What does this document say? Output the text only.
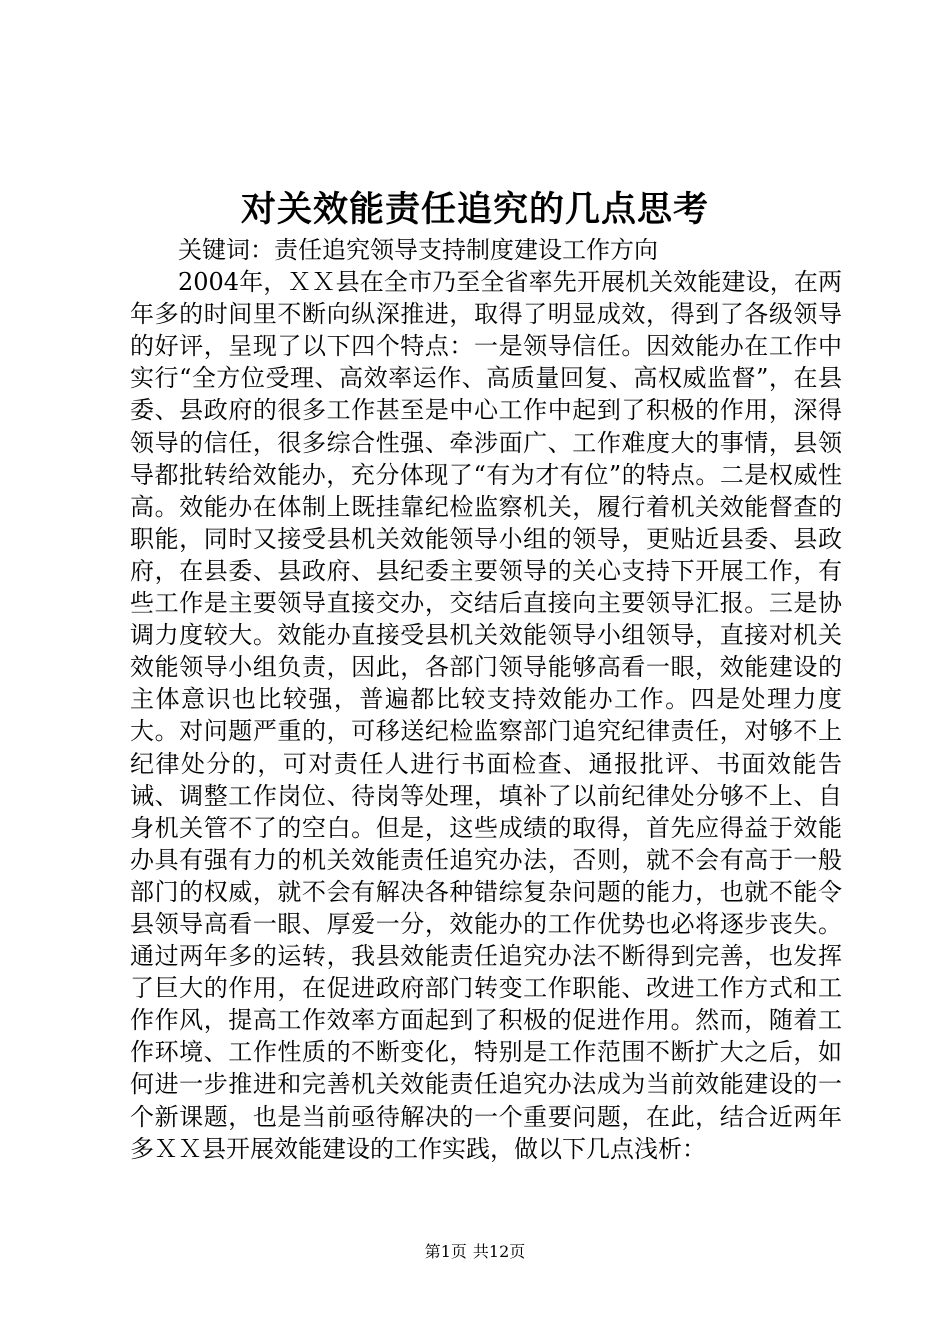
对关效能责任追究的几点思考

关键词：责任追究领导支持制度建设工作方向

2004年，ＸＸ县在全市乃至全省率先开展机关效能建设，在两年多的时间里不断向纵深推进，取得了明显成效，得到了各级领导的好评，呈现了以下四个特点：一是领导信任。因效能办在工作中实行“全方位受理、高效率运作、高质量回复、高权威监督”，在县委、县政府的很多工作甚至是中心工作中起到了积极的作用，深得领导的信任，很多综合性强、牵涉面广、工作难度大的事情，县领导都批转给效能办，充分体现了“有为才有位”的特点。二是权威性高。效能办在体制上既挂靠纪检监察机关，履行着机关效能督查的职能，同时又接受县机关效能领导小组的领导，更贴近县委、县政府，在县委、县政府、县纪委主要领导的关心支持下开展工作，有些工作是主要领导直接交办，交结后直接向主要领导汇报。三是协调力度较大。效能办直接受县机关效能领导小组领导，直接对机关效能领导小组负责，因此，各部门领导能够高看一眼，效能建设的主体意识也比较强，普遍都比较支持效能办工作。四是处理力度大。对问题严重的，可移送纪检监察部门追究纪律责任，对够不上纪律处分的，可对责任人进行书面检查、通报批评、书面效能告诫、调整工作岗位、待岗等处理，填补了以前纪律处分够不上、自身机关管不了的空白。但是，这些成绩的取得，首先应得益于效能办具有强有力的机关效能责任追究办法，否则，就不会有高于一般部门的权威，就不会有解决各种错综复杂问题的能力，也就不能令县领导高看一眼、厚爱一分，效能办的工作优势也必将逐步丧失。通过两年多的运转，我县效能责任追究办法不断得到完善，也发挥了巨大的作用，在促进政府部门转变工作职能、改进工作方式和工作作风，提高工作效率方面起到了积极的促进作用。然而，随着工作环境、工作性质的不断变化，特别是工作范围不断扩大之后，如何进一步推进和完善机关效能责任追究办法成为当前效能建设的一个新课题，也是当前亟待解决的一个重要问题，在此，结合近两年多ＸＸ县开展效能建设的工作实践，做以下几点浅析：

第1页 共12页
